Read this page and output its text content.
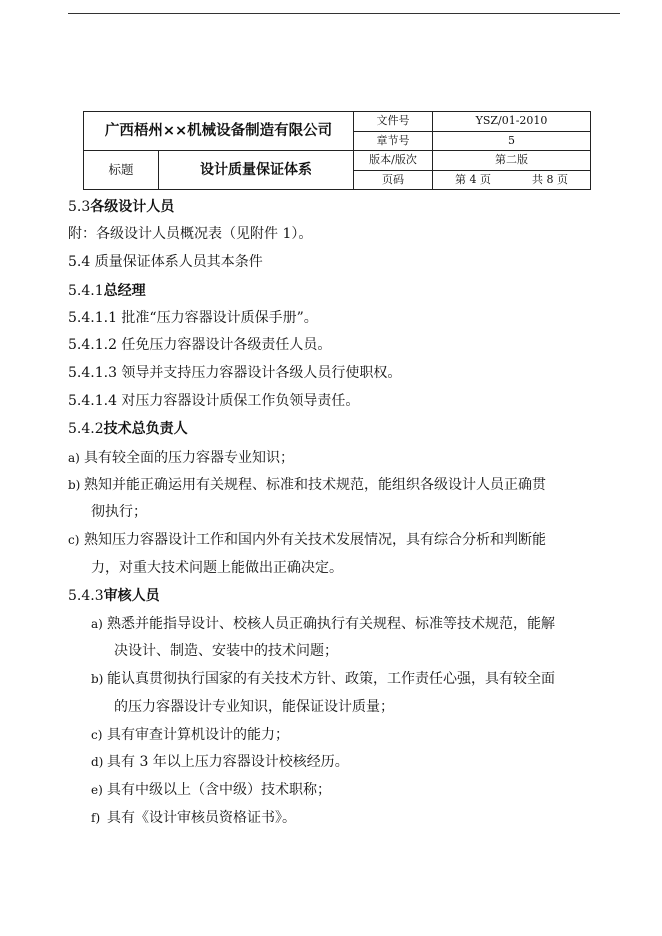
广西梧州××机械设备制造有限公司		文件号	YSZ/01-2010
		章节号	5
标题	设计质量保证体系	版本/版次	第二版
		页码	第 4 页 共 8 页
5.3各级设计人员
附：各级设计人员概况表（见附件 1）。
5.4 质量保证体系人员其本条件
5.4.1总经理
5.4.1.1 批准“压力容器设计质保手册”。
5.4.1.2 任免压力容器设计各级责任人员。
5.4.1.3 领导并支持压力容器设计各级人员行使职权。
5.4.1.4 对压力容器设计质保工作负领导责任。
5.4.2技术总负责人
a) 具有较全面的压力容器专业知识；
b) 熟知并能正确运用有关规程、标准和技术规范，能组织各级设计人员正确贯
彻执行；
c) 熟知压力容器设计工作和国内外有关技术发展情况，具有综合分析和判断能
力，对重大技术问题上能做出正确决定。
5.4.3审核人员
a) 熟悉并能指导设计、校核人员正确执行有关规程、标准等技术规范，能解
决设计、制造、安装中的技术问题；
b) 能认真贯彻执行国家的有关技术方针、政策，工作责任心强，具有较全面
的压力容器设计专业知识，能保证设计质量；
c) 具有审查计算机设计的能力；
d) 具有 3 年以上压力容器设计校核经历。
e) 具有中级以上（含中级）技术职称；
f) 具有《设计审核员资格证书》。
